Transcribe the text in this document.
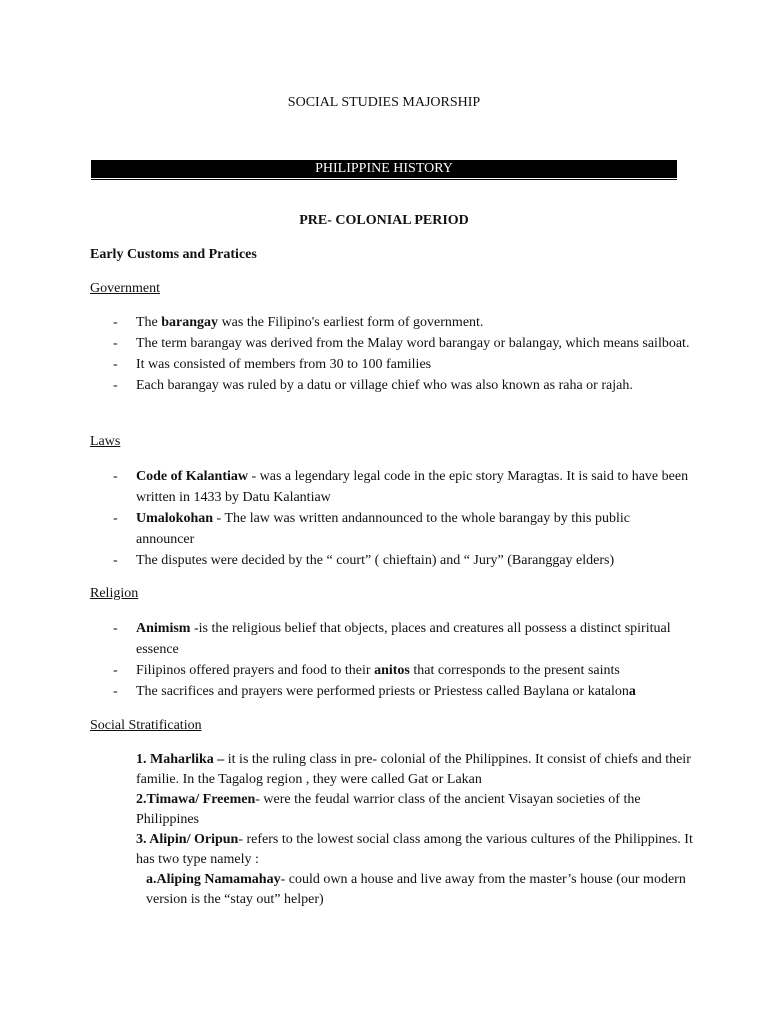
SOCIAL STUDIES MAJORSHIP
PHILIPPINE HISTORY
PRE- COLONIAL PERIOD
Early Customs and Pratices
Government
- The barangay was the Filipino's earliest form of government.
- The term barangay was derived from the Malay word barangay or balangay, which means sailboat.
- It was consisted of members from 30 to 100 families
- Each barangay was ruled by a datu or village chief who was also known as raha or rajah.
Laws
- Code of Kalantiaw - was a legendary legal code in the epic story Maragtas. It is said to have been written in 1433 by Datu Kalantiaw
- Umalokohan - The law was written andannounced to the whole barangay by this public announcer
- The disputes were decided by the “ court” ( chieftain) and “ Jury” (Baranggay elders)
Religion
- Animism -is the religious belief that objects, places and creatures all possess a distinct spiritual essence
- Filipinos offered prayers and food to their anitos that corresponds to the present saints
- The sacrifices and prayers were performed priests or Priestess called Baylana or katalona
Social Stratification

1. Maharlika – it is the ruling class in pre- colonial of the Philippines. It consist of chiefs and their familie. In the Tagalog region , they were called Gat or Lakan

2.Timawa/ Freemen- were the feudal warrior class of the ancient Visayan societies of the Philippines

3. Alipin/ Oripun- refers to the lowest social class among the various cultures of the Philippines. It has two type namely :

a.Aliping Namamahay- could own a house and live away from the master’s house (our modern version is the “stay out” helper)
